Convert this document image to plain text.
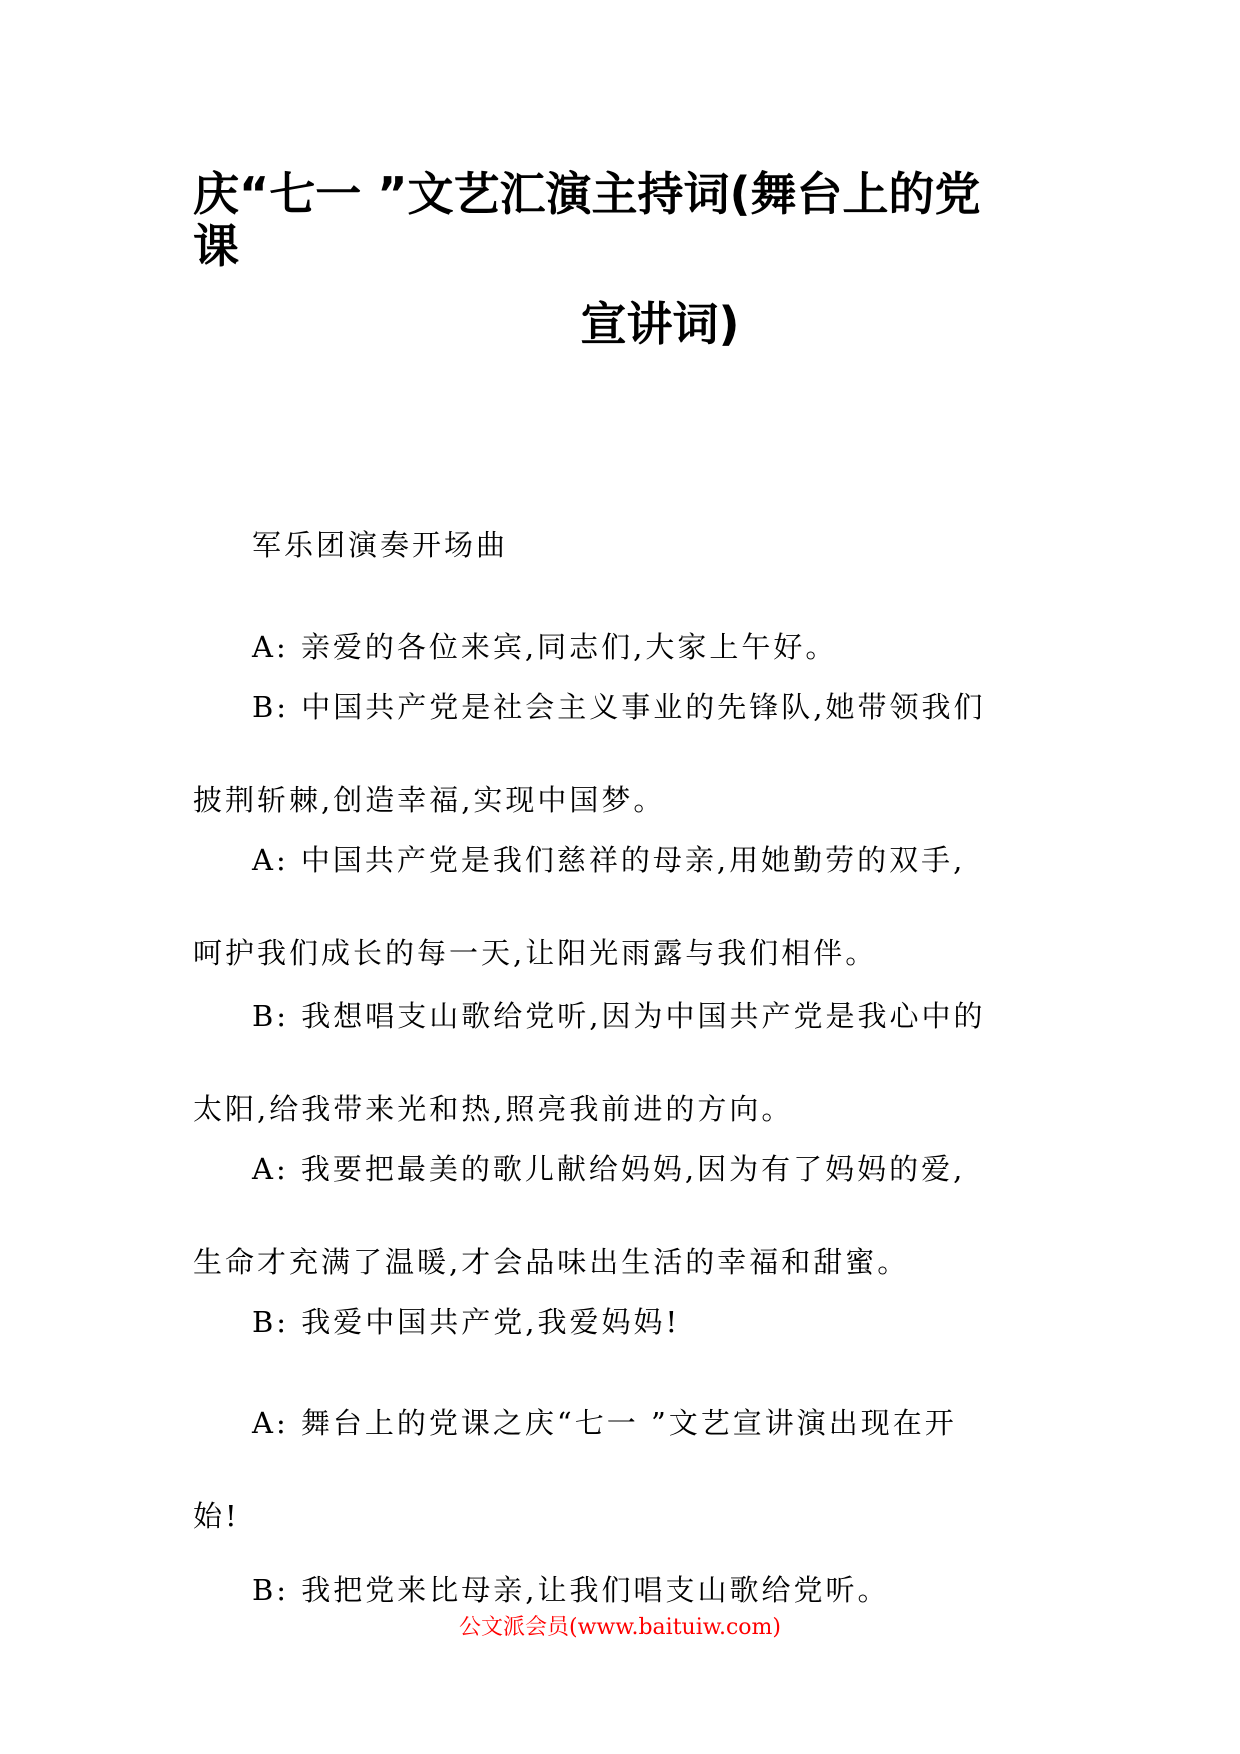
庆“七一 ”文艺汇演主持词(舞台上的党
课
宣讲词)
军乐团演奏开场曲
A: 亲爱的各位来宾,同志们,大家上午好。
B: 中国共产党是社会主义事业的先锋队,她带领我们
披荆斩棘,创造幸福,实现中国梦。
A: 中国共产党是我们慈祥的母亲,用她勤劳的双手,
呵护我们成长的每一天,让阳光雨露与我们相伴。
B: 我想唱支山歌给党听,因为中国共产党是我心中的
太阳,给我带来光和热,照亮我前进的方向。
A: 我要把最美的歌儿献给妈妈,因为有了妈妈的爱,
生命才充满了温暖,才会品味出生活的幸福和甜蜜。
B: 我爱中国共产党,我爱妈妈!
A: 舞台上的党课之庆“七一 ”文艺宣讲演出现在开
始!
B: 我把党来比母亲,让我们唱支山歌给党听。
公文派会员(www.baituiw.com)
